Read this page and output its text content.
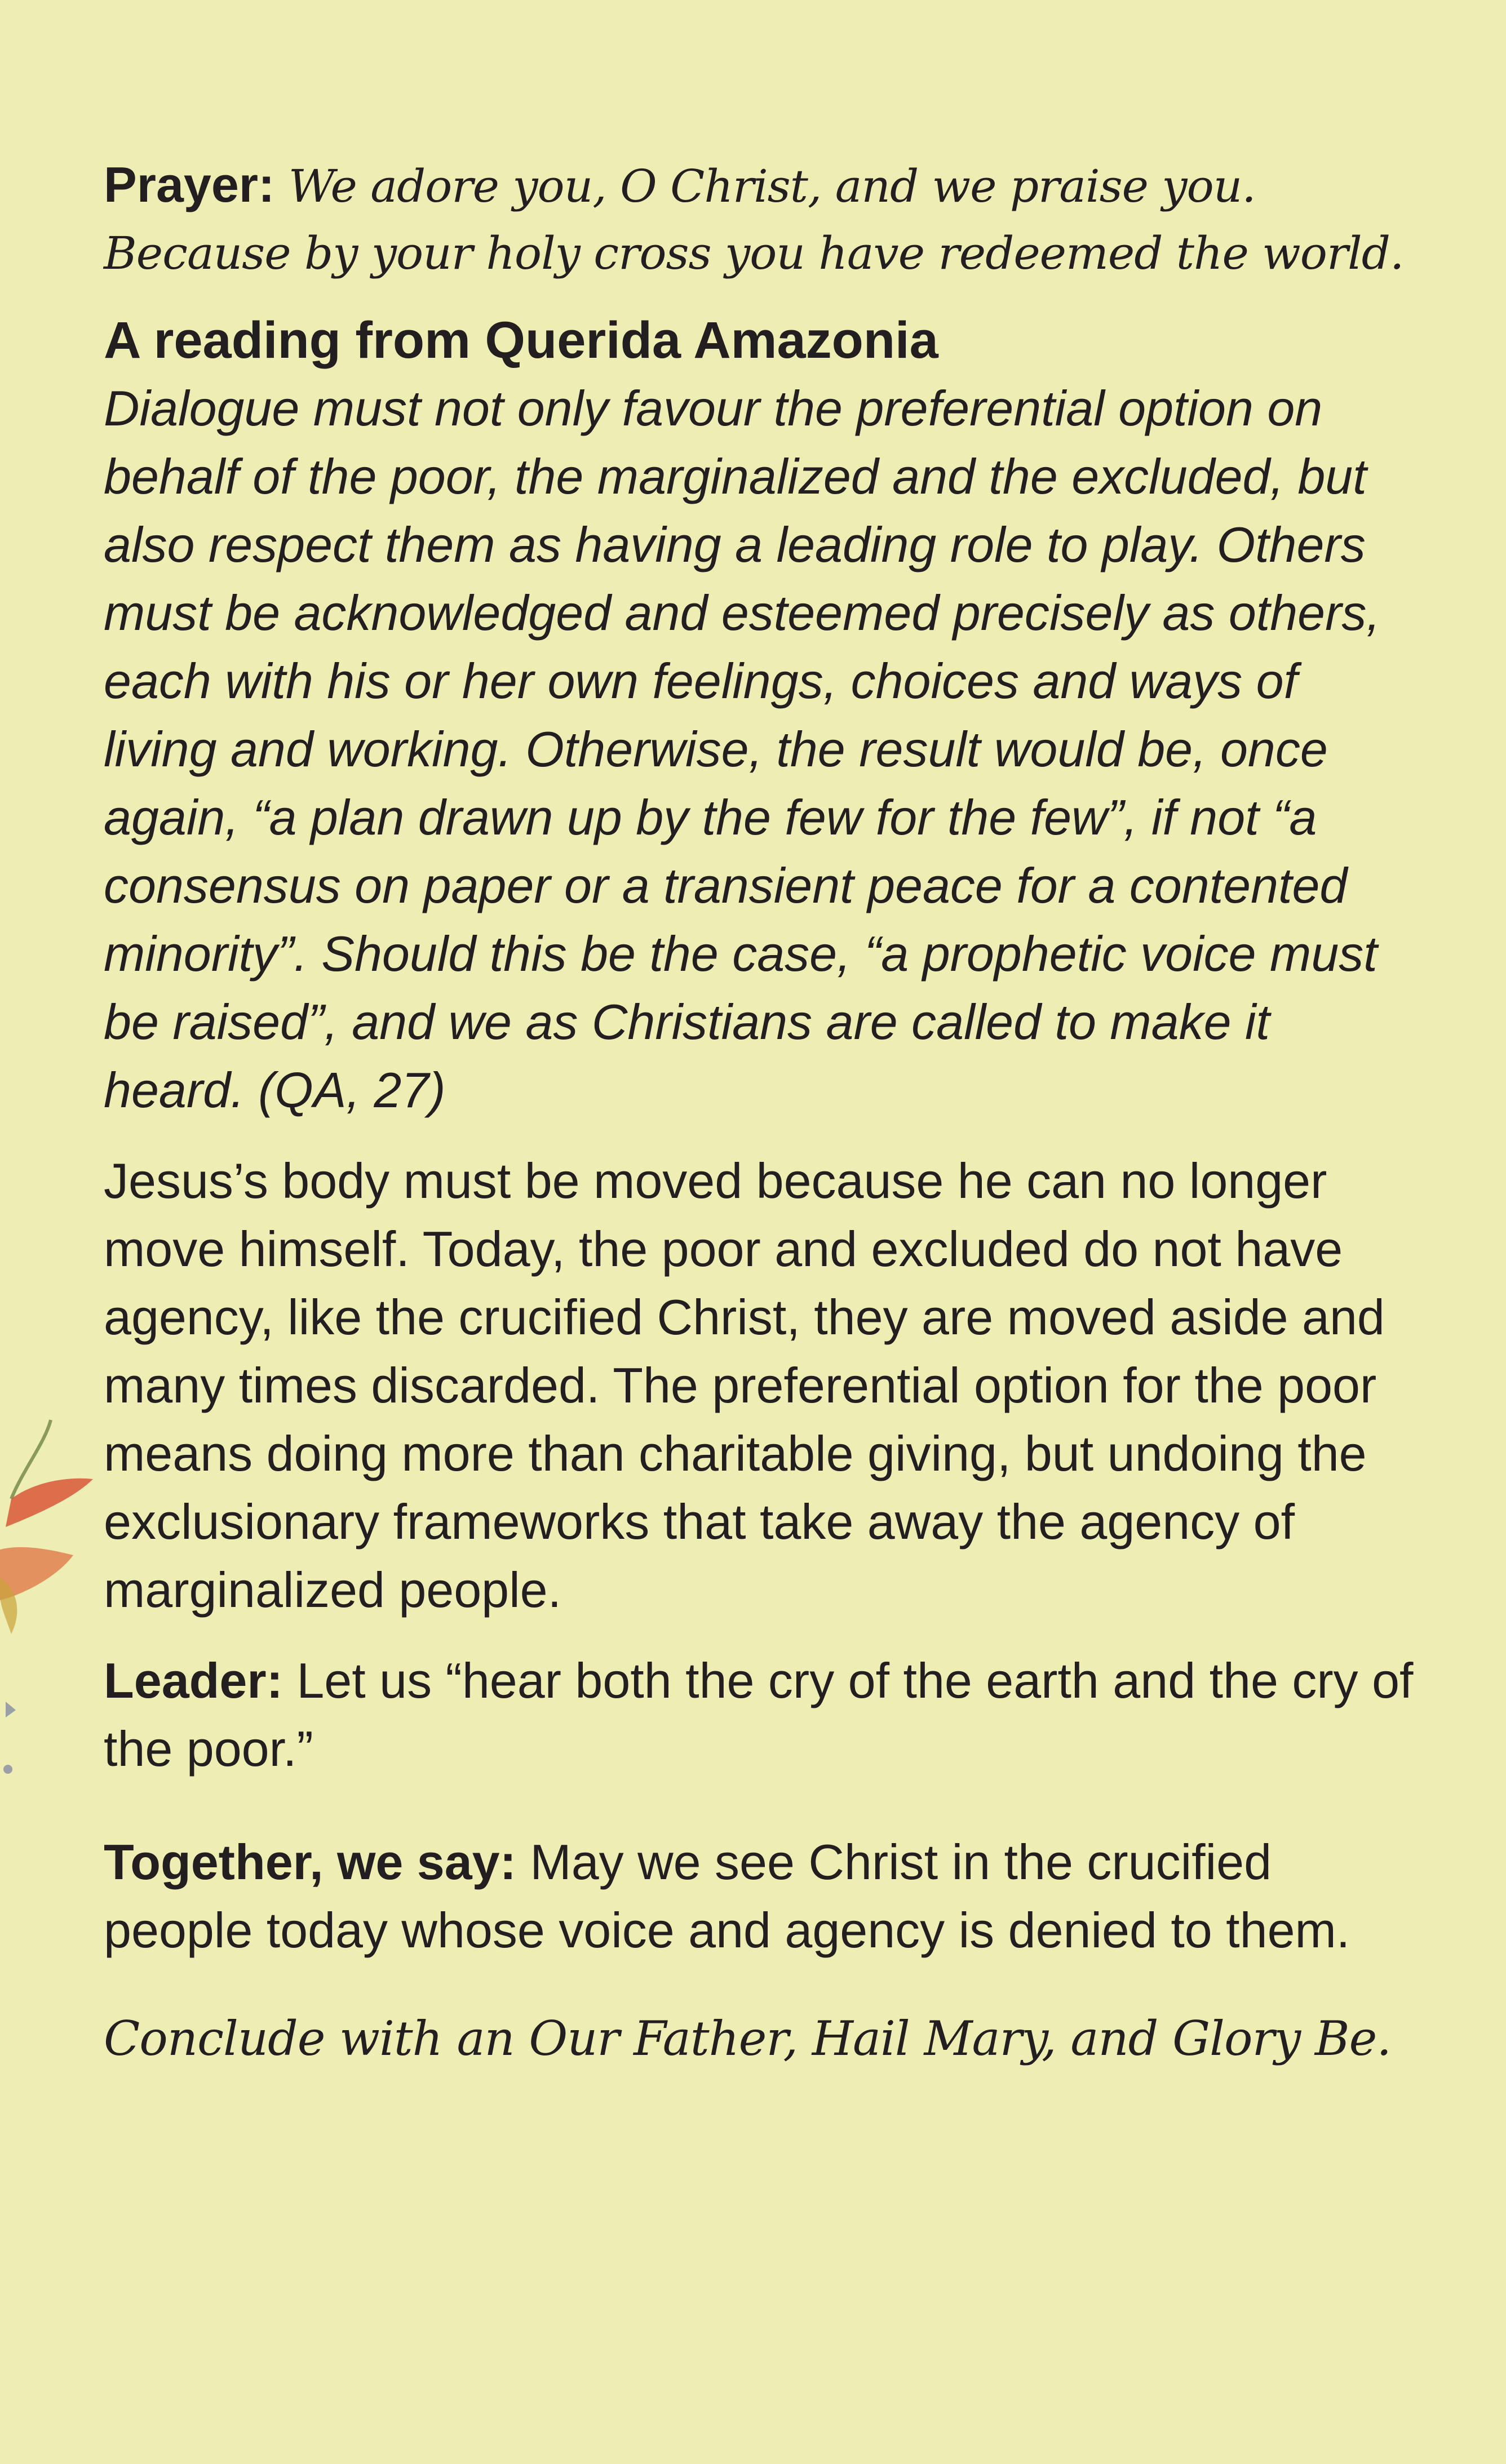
Prayer: We adore you, O Christ, and we praise you. Because by your holy cross you have redeemed the world.

A reading from Querida Amazonia

Dialogue must not only favour the preferential option on behalf of the poor, the marginalized and the excluded, but also respect them as having a leading role to play. Others must be acknowledged and esteemed precisely as others, each with his or her own feelings, choices and ways of living and working. Otherwise, the result would be, once again, “a plan drawn up by the few for the few”, if not “a consensus on paper or a transient peace for a contented minority”. Should this be the case, “a prophetic voice must be raised”, and we as Christians are called to make it heard. (QA, 27)

Jesus’s body must be moved because he can no longer move himself. Today, the poor and excluded do not have agency, like the crucified Christ, they are moved aside and many times discarded. The preferential option for the poor means doing more than charitable giving, but undoing the exclusionary frameworks that take away the agency of marginalized people.

Leader: Let us “hear both the cry of the earth and the cry of the poor.”

Together, we say: May we see Christ in the crucified people today whose voice and agency is denied to them.

Conclude with an Our Father, Hail Mary, and Glory Be.
